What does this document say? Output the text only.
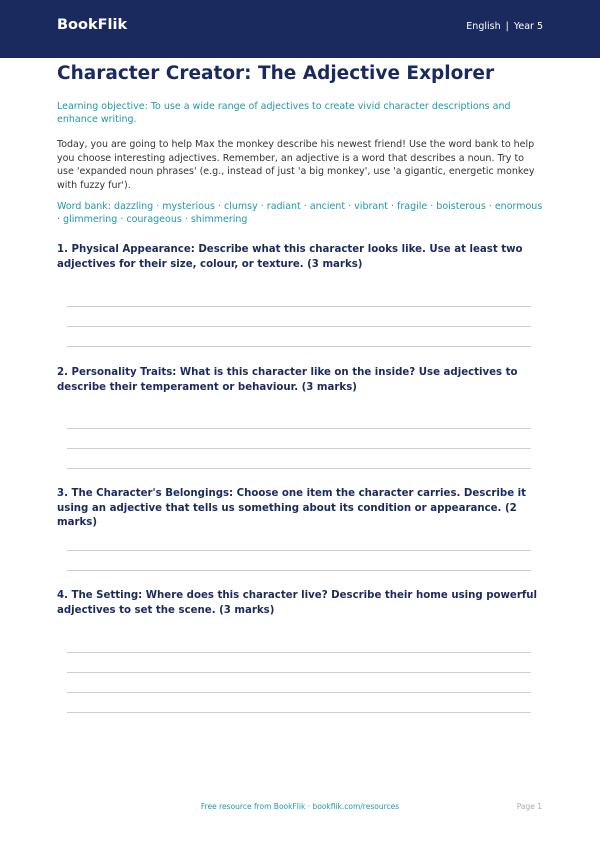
BookFlik	English | Year 5
Character Creator: The Adjective Explorer

Learning objective: To use a wide range of adjectives to create vivid character descriptions and enhance writing.

Today, you are going to help Max the monkey describe his newest friend! Use the word bank to help you choose interesting adjectives. Remember, an adjective is a word that describes a noun. Try to use 'expanded noun phrases' (e.g., instead of just 'a big monkey', use 'a gigantic, energetic monkey with fuzzy fur').

Word bank: dazzling · mysterious · clumsy · radiant · ancient · vibrant · fragile · boisterous · enormous · glimmering · courageous · shimmering

1. Physical Appearance: Describe what this character looks like. Use at least two adjectives for their size, colour, or texture. (3 marks)

2. Personality Traits: What is this character like on the inside? Use adjectives to describe their temperament or behaviour. (3 marks)

3. The Character's Belongings: Choose one item the character carries. Describe it using an adjective that tells us something about its condition or appearance. (2 marks)

4. The Setting: Where does this character live? Describe their home using powerful adjectives to set the scene. (3 marks)

Free resource from BookFlik · bookflik.com/resources	Page 1
